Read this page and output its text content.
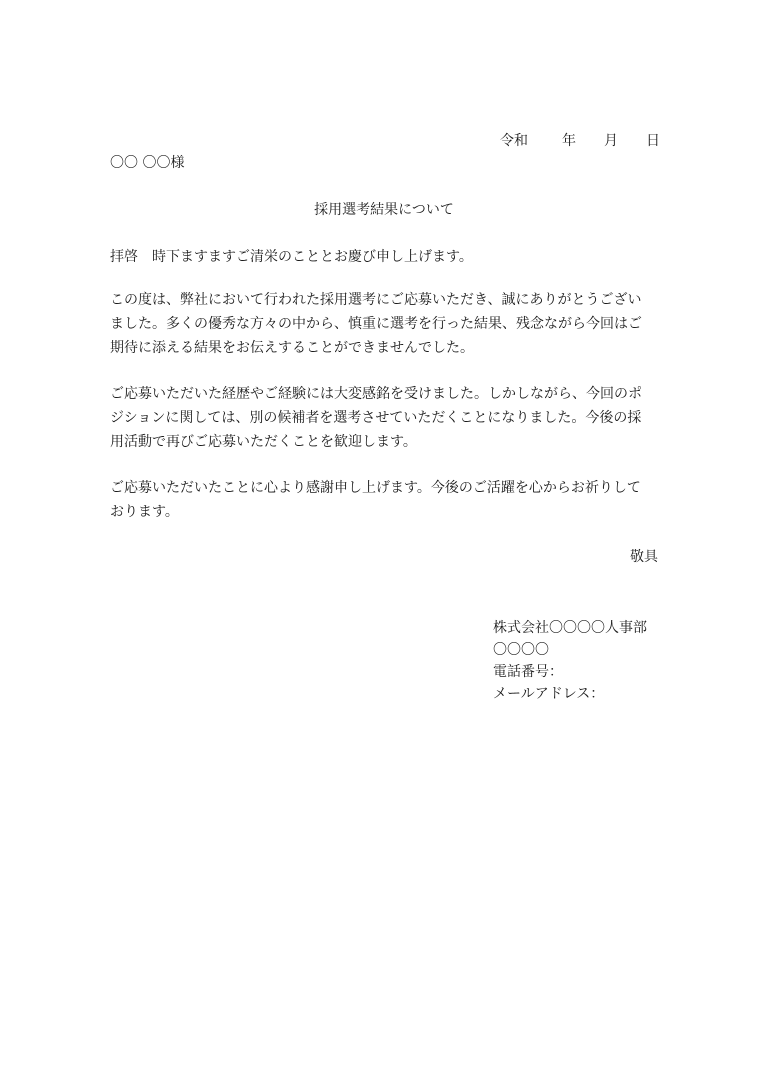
令和 年 月 日
〇〇 〇〇様
採用選考結果について
拝啓　時下ますますご清栄のこととお慶び申し上げます。
この度は、弊社において行われた採用選考にご応募いただき、誠にありがとうござい
ました。多くの優秀な方々の中から、慎重に選考を行った結果、残念ながら今回はご
期待に添える結果をお伝えすることができませんでした。
ご応募いただいた経歴やご経験には大変感銘を受けました。しかしながら、今回のポ
ジションに関しては、別の候補者を選考させていただくことになりました。今後の採
用活動で再びご応募いただくことを歓迎します。
ご応募いただいたことに心より感謝申し上げます。今後のご活躍を心からお祈りして
おります。
敬具
株式会社〇〇〇〇人事部
〇〇〇〇
電話番号：
メールアドレス：
